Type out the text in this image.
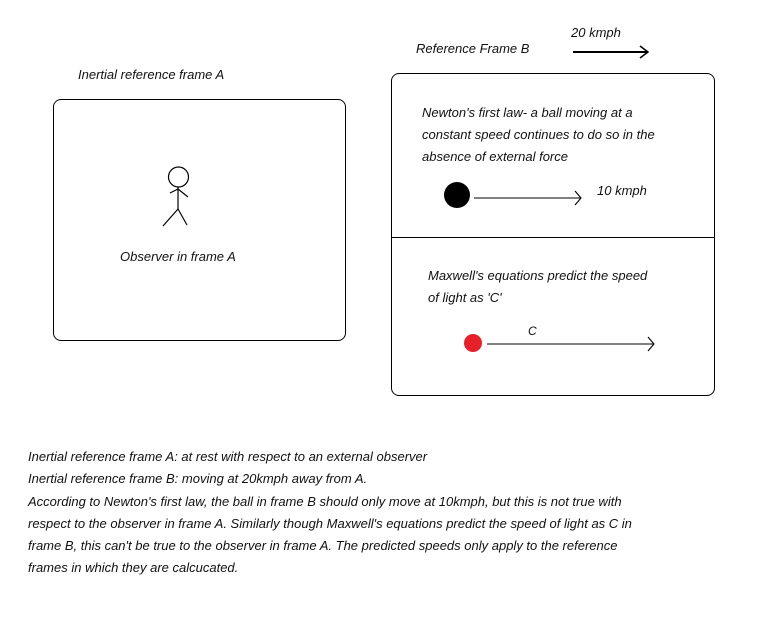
Inertial reference frame A
Observer in frame A
Reference Frame B
20 kmph
Newton's first law- a ball moving at a
constant speed continues to do so in the
absence of external force
10 kmph
Maxwell's equations predict the speed
of light as 'C'
C
Inertial reference frame A: at rest with respect to an external observer
Inertial reference frame B: moving at 20kmph away from A.
According to Newton's first law, the ball in frame B should only move at 10kmph, but this is not true with
respect to the observer in frame A. Similarly though Maxwell's equations predict the speed of light as C in
frame B, this can't be true to the observer in frame A. The predicted speeds only apply to the reference
frames in which they are calcucated.
